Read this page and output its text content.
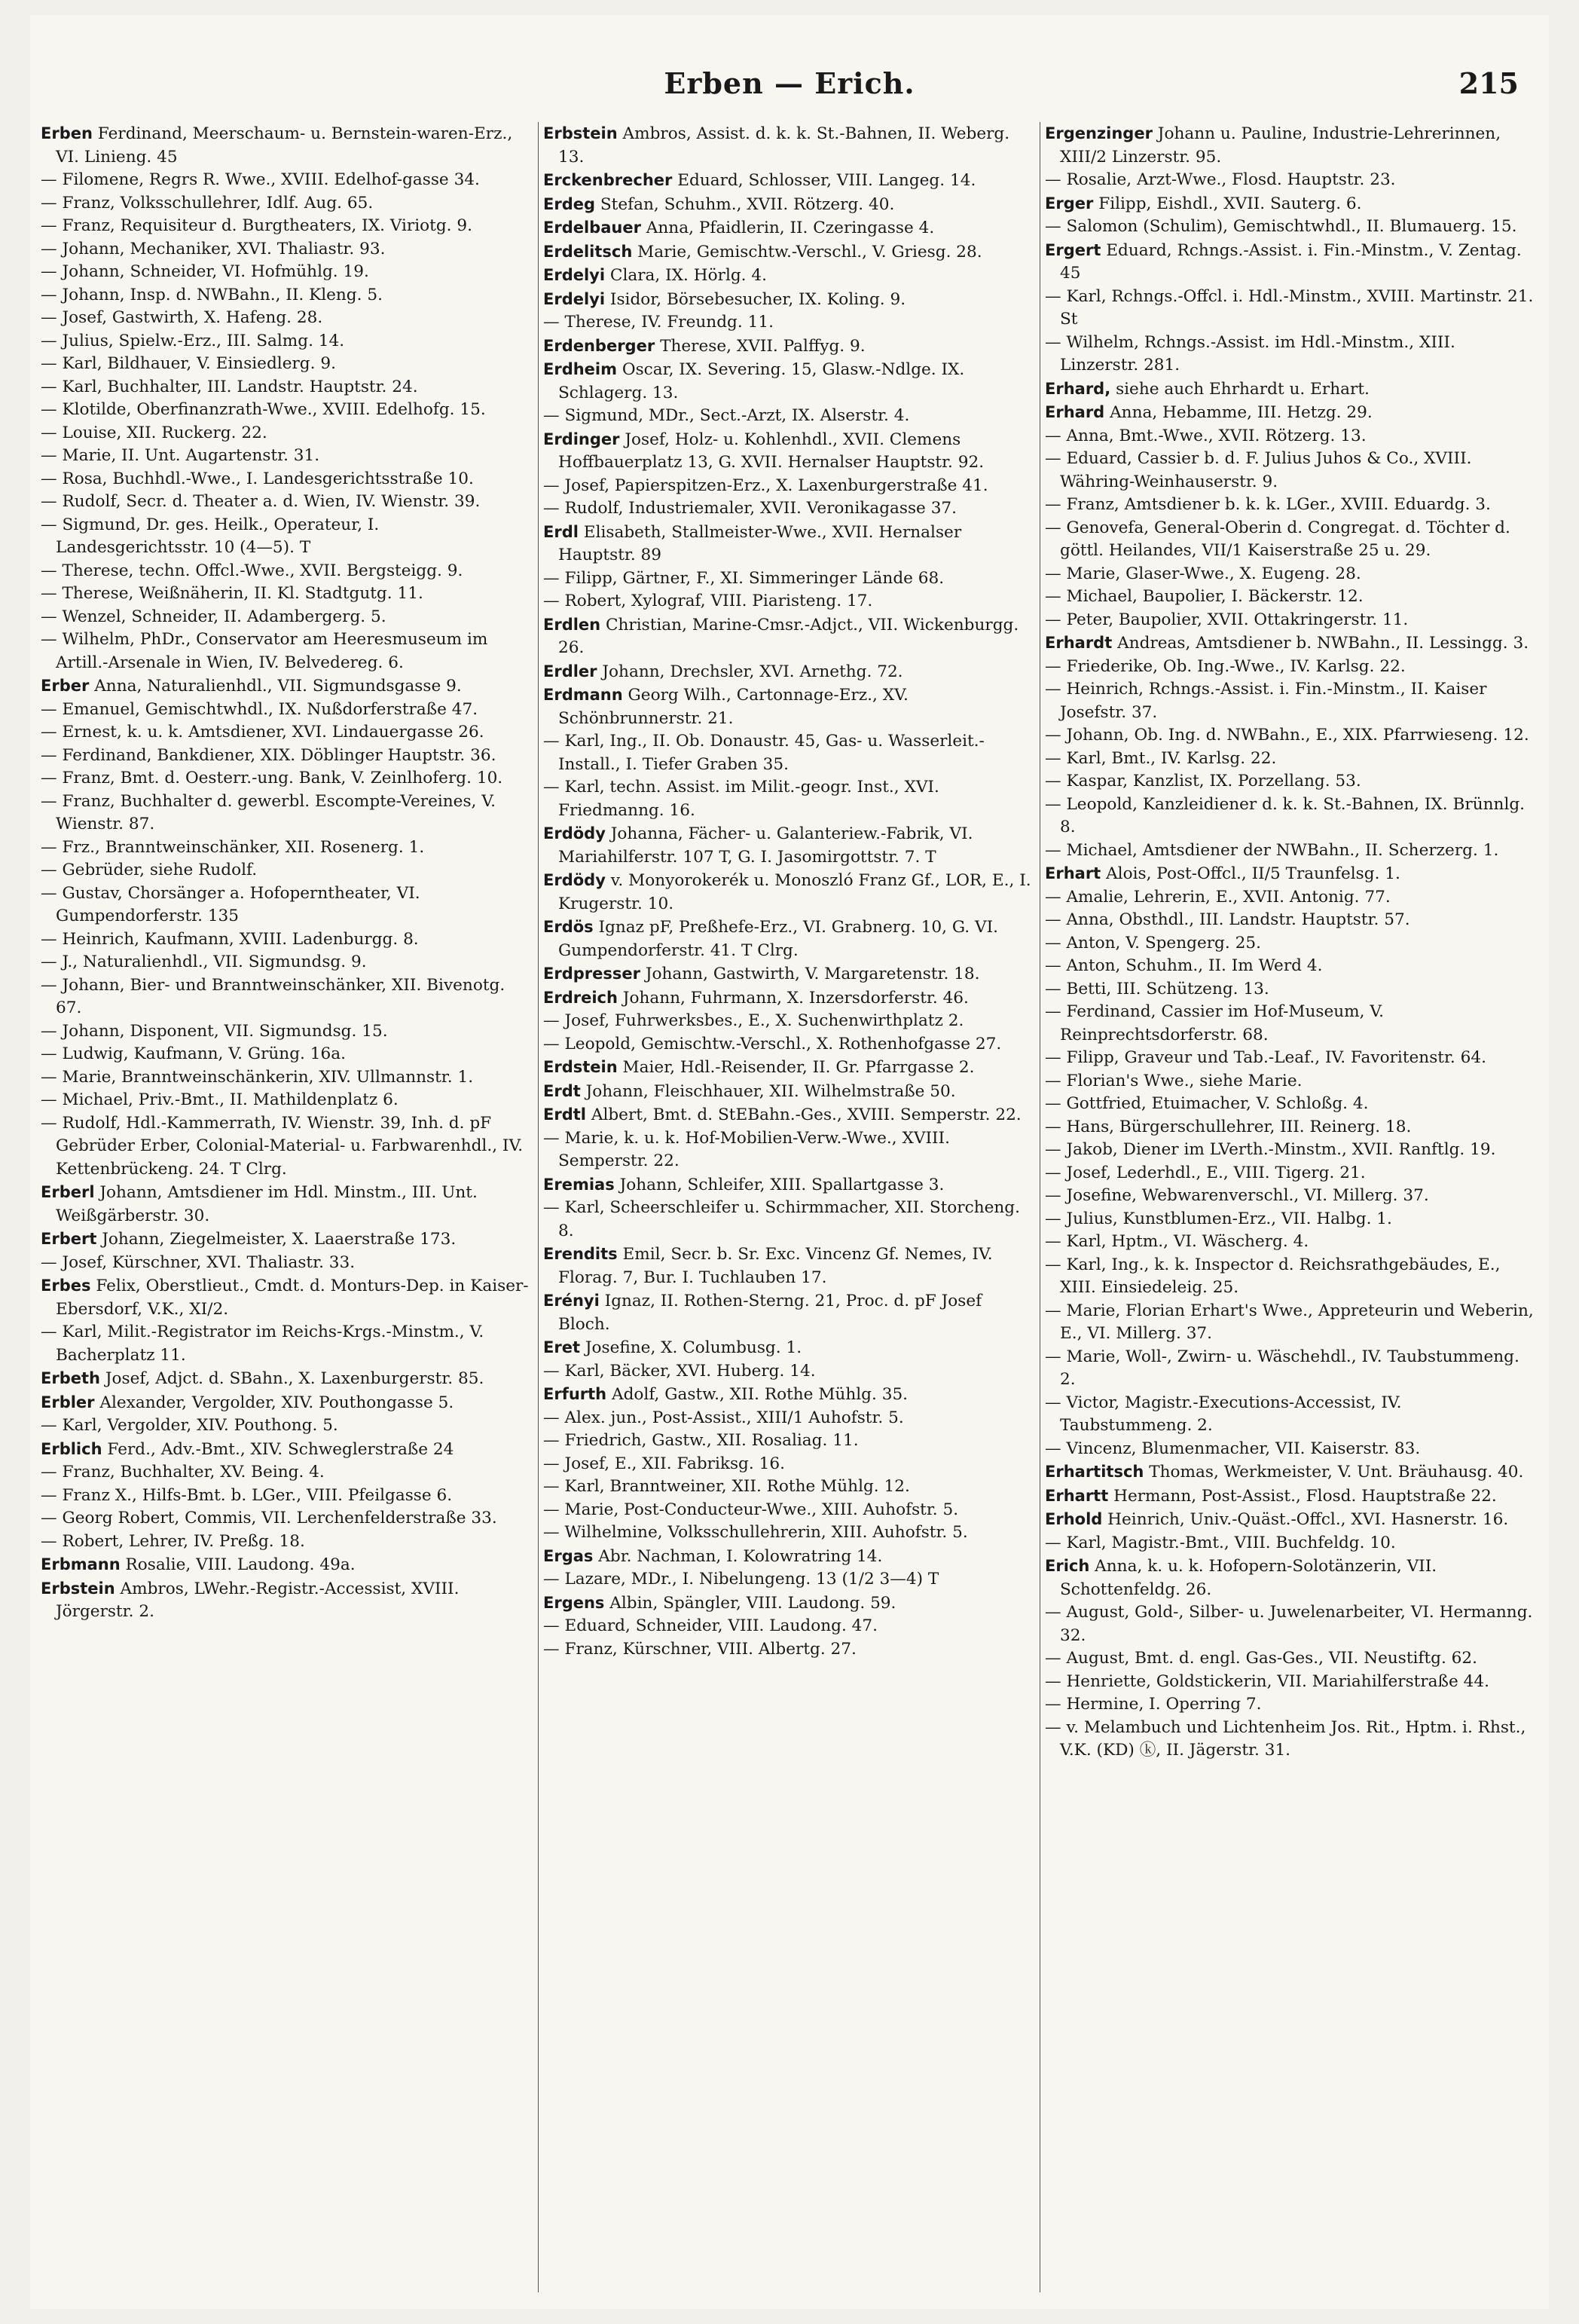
Erben — Erich.	215
Erben Ferdinand, Meerschaum- u. Bernstein-waren-Erz., VI. Linieng. 45
— Filomene, Regrs R. Wwe., XVIII. Edelhof-gasse 34.
— Franz, Volksschullehrer, Idlf. Aug. 65.
— Franz, Requisiteur d. Burgtheaters, IX. Viriotg. 9.
— Johann, Mechaniker, XVI. Thaliastr. 93.
— Johann, Schneider, VI. Hofmühlg. 19.
— Johann, Insp. d. NWBahn., II. Kleng. 5.
— Josef, Gastwirth, X. Hafeng. 28.
— Julius, Spielw.-Erz., III. Salmg. 14.
— Karl, Bildhauer, V. Einsiedlerg. 9.
— Karl, Buchhalter, III. Landstr. Hauptstr. 24.
— Klotilde, Oberfinanzrath-Wwe., XVIII. Edelhofg. 15.
— Louise, XII. Ruckerg. 22.
— Marie, II. Unt. Augartenstr. 31.
— Rosa, Buchhdl.-Wwe., I. Landesgerichtsstraße 10.
— Rudolf, Secr. d. Theater a. d. Wien, IV. Wienstr. 39.
— Sigmund, Dr. ges. Heilk., Operateur, I. Landesgerichtsstr. 10 (4—5). T
— Therese, techn. Offcl.-Wwe., XVII. Bergsteigg. 9.
— Therese, Weißnäherin, II. Kl. Stadtgutg. 11.
— Wenzel, Schneider, II. Adambergerg. 5.
— Wilhelm, PhDr., Conservator am Heeresmuseum im Artill.-Arsenale in Wien, IV. Belvedereg. 6.
Erber Anna, Naturalienhdl., VII. Sigmundsgasse 9.
— Emanuel, Gemischtwhdl., IX. Nußdorferstraße 47.
— Ernest, k. u. k. Amtsdiener, XVI. Lindauergasse 26.
— Ferdinand, Bankdiener, XIX. Döblinger Hauptstr. 36.
— Franz, Bmt. d. Oesterr.-ung. Bank, V. Zeinlhoferg. 10.
— Franz, Buchhalter d. gewerbl. Escompte-Vereines, V. Wienstr. 87.
— Frz., Branntweinschänker, XII. Rosenerg. 1.
— Gebrüder, siehe Rudolf.
— Gustav, Chorsänger a. Hofoperntheater, VI. Gumpendorferstr. 135
— Heinrich, Kaufmann, XVIII. Ladenburgg. 8.
— J., Naturalienhdl., VII. Sigmundsg. 9.
— Johann, Bier- und Branntweinschänker, XII. Bivenotg. 67.
— Johann, Disponent, VII. Sigmundsg. 15.
— Ludwig, Kaufmann, V. Grüng. 16a.
— Marie, Branntweinschänkerin, XIV. Ullmannstr. 1.
— Michael, Priv.-Bmt., II. Mathildenplatz 6.
— Rudolf, Hdl.-Kammerrath, IV. Wienstr. 39, Inh. d. pF Gebrüder Erber, Colonial-Material- u. Farbwarenhdl., IV. Kettenbrückeng. 24. T Clrg.
Erberl Johann, Amtsdiener im Hdl. Minstm., III. Unt. Weißgärberstr. 30.
Erbert Johann, Ziegelmeister, X. Laaerstraße 173.
— Josef, Kürschner, XVI. Thaliastr. 33.
Erbes Felix, Oberstlieut., Cmdt. d. Monturs-Dep. in Kaiser-Ebersdorf, V.K., XI/2.
— Karl, Milit.-Registrator im Reichs-Krgs.-Minstm., V. Bacherplatz 11.
Erbeth Josef, Adjct. d. SBahn., X. Laxenburgerstr. 85.
Erbler Alexander, Vergolder, XIV. Pouthongasse 5.
— Karl, Vergolder, XIV. Pouthong. 5.
Erblich Ferd., Adv.-Bmt., XIV. Schweglerstraße 24
— Franz, Buchhalter, XV. Being. 4.
— Franz X., Hilfs-Bmt. b. LGer., VIII. Pfeilgasse 6.
— Georg Robert, Commis, VII. Lerchenfelderstraße 33.
— Robert, Lehrer, IV. Preßg. 18.
Erbmann Rosalie, VIII. Laudong. 49a.
Erbstein Ambros, LWehr.-Registr.-Accessist, XVIII. Jörgerstr. 2.
Erbstein Ambros, Assist. d. k. k. St.-Bahnen, II. Weberg. 13.
Erckenbrecher Eduard, Schlosser, VIII. Langeg. 14.
Erdeg Stefan, Schuhm., XVII. Rötzerg. 40.
Erdelbauer Anna, Pfaidlerin, II. Czeringasse 4.
Erdelitsch Marie, Gemischtw.-Verschl., V. Griesg. 28.
Erdelyi Clara, IX. Hörlg. 4.
Erdelyi Isidor, Börsebesucher, IX. Koling. 9.
— Therese, IV. Freundg. 11.
Erdenberger Therese, XVII. Palffyg. 9.
Erdheim Oscar, IX. Severing. 15, Glasw.-Ndlge. IX. Schlagerg. 13.
— Sigmund, MDr., Sect.-Arzt, IX. Alserstr. 4.
Erdinger Josef, Holz- u. Kohlenhdl., XVII. Clemens Hoffbauerplatz 13, G. XVII. Hernalser Hauptstr. 92.
— Josef, Papierspitzen-Erz., X. Laxenburgerstraße 41.
— Rudolf, Industriemaler, XVII. Veronikagasse 37.
Erdl Elisabeth, Stallmeister-Wwe., XVII. Hernalser Hauptstr. 89
— Filipp, Gärtner, F., XI. Simmeringer Lände 68.
— Robert, Xylograf, VIII. Piaristeng. 17.
Erdlen Christian, Marine-Cmsr.-Adjct., VII. Wickenburgg. 26.
Erdler Johann, Drechsler, XVI. Arnethg. 72.
Erdmann Georg Wilh., Cartonnage-Erz., XV. Schönbrunnerstr. 21.
— Karl, Ing., II. Ob. Donaustr. 45, Gas- u. Wasserleit.-Install., I. Tiefer Graben 35.
— Karl, techn. Assist. im Milit.-geogr. Inst., XVI. Friedmanng. 16.
Erdödy Johanna, Fächer- u. Galanteriew.-Fabrik, VI. Mariahilferstr. 107 T, G. I. Jasomirgottstr. 7. T
Erdödy v. Monyorokerék u. Monoszló Franz Gf., LOR, E., I. Krugerstr. 10.
Erdös Ignaz pF, Preßhefe-Erz., VI. Grabnerg. 10, G. VI. Gumpendorferstr. 41. T Clrg.
Erdpresser Johann, Gastwirth, V. Margaretenstr. 18.
Erdreich Johann, Fuhrmann, X. Inzersdorferstr. 46.
— Josef, Fuhrwerksbes., E., X. Suchenwirthplatz 2.
— Leopold, Gemischtw.-Verschl., X. Rothenhofgasse 27.
Erdstein Maier, Hdl.-Reisender, II. Gr. Pfarrgasse 2.
Erdt Johann, Fleischhauer, XII. Wilhelmstraße 50.
Erdtl Albert, Bmt. d. StEBahn.-Ges., XVIII. Semperstr. 22.
— Marie, k. u. k. Hof-Mobilien-Verw.-Wwe., XVIII. Semperstr. 22.
Eremias Johann, Schleifer, XIII. Spallartgasse 3.
— Karl, Scheerschleifer u. Schirmmacher, XII. Storcheng. 8.
Erendits Emil, Secr. b. Sr. Exc. Vincenz Gf. Nemes, IV. Florag. 7, Bur. I. Tuchlauben 17.
Erényi Ignaz, II. Rothen-Sterng. 21, Proc. d. pF Josef Bloch.
Eret Josefine, X. Columbusg. 1.
— Karl, Bäcker, XVI. Huberg. 14.
Erfurth Adolf, Gastw., XII. Rothe Mühlg. 35.
— Alex. jun., Post-Assist., XIII/1 Auhofstr. 5.
— Friedrich, Gastw., XII. Rosaliag. 11.
— Josef, E., XII. Fabriksg. 16.
— Karl, Branntweiner, XII. Rothe Mühlg. 12.
— Marie, Post-Conducteur-Wwe., XIII. Auhofstr. 5.
— Wilhelmine, Volksschullehrerin, XIII. Auhofstr. 5.
Ergas Abr. Nachman, I. Kolowratring 14.
— Lazare, MDr., I. Nibelungeng. 13 (1/2 3—4) T
Ergens Albin, Spängler, VIII. Laudong. 59.
— Eduard, Schneider, VIII. Laudong. 47.
— Franz, Kürschner, VIII. Albertg. 27.
Ergenzinger Johann u. Pauline, Industrie-Lehrerinnen, XIII/2 Linzerstr. 95.
— Rosalie, Arzt-Wwe., Flosd. Hauptstr. 23.
Erger Filipp, Eishdl., XVII. Sauterg. 6.
— Salomon (Schulim), Gemischtwhdl., II. Blumauerg. 15.
Ergert Eduard, Rchngs.-Assist. i. Fin.-Minstm., V. Zentag. 45
— Karl, Rchngs.-Offcl. i. Hdl.-Minstm., XVIII. Martinstr. 21. St
— Wilhelm, Rchngs.-Assist. im Hdl.-Minstm., XIII. Linzerstr. 281.
Erhard, siehe auch Ehrhardt u. Erhart.
Erhard Anna, Hebamme, III. Hetzg. 29.
— Anna, Bmt.-Wwe., XVII. Rötzerg. 13.
— Eduard, Cassier b. d. F. Julius Juhos & Co., XVIII. Währing-Weinhauserstr. 9.
— Franz, Amtsdiener b. k. k. LGer., XVIII. Eduardg. 3.
— Genovefa, General-Oberin d. Congregat. d. Töchter d. göttl. Heilandes, VII/1 Kaiserstraße 25 u. 29.
— Marie, Glaser-Wwe., X. Eugeng. 28.
— Michael, Baupolier, I. Bäckerstr. 12.
— Peter, Baupolier, XVII. Ottakringerstr. 11.
Erhardt Andreas, Amtsdiener b. NWBahn., II. Lessingg. 3.
— Friederike, Ob. Ing.-Wwe., IV. Karlsg. 22.
— Heinrich, Rchngs.-Assist. i. Fin.-Minstm., II. Kaiser Josefstr. 37.
— Johann, Ob. Ing. d. NWBahn., E., XIX. Pfarrwieseng. 12.
— Karl, Bmt., IV. Karlsg. 22.
— Kaspar, Kanzlist, IX. Porzellang. 53.
— Leopold, Kanzleidiener d. k. k. St.-Bahnen, IX. Brünnlg. 8.
— Michael, Amtsdiener der NWBahn., II. Scherzerg. 1.
Erhart Alois, Post-Offcl., II/5 Traunfelsg. 1.
— Amalie, Lehrerin, E., XVII. Antonig. 77.
— Anna, Obsthdl., III. Landstr. Hauptstr. 57.
— Anton, V. Spengerg. 25.
— Anton, Schuhm., II. Im Werd 4.
— Betti, III. Schützeng. 13.
— Ferdinand, Cassier im Hof-Museum, V. Reinprechtsdorferstr. 68.
— Filipp, Graveur und Tab.-Leaf., IV. Favoritenstr. 64.
— Florian's Wwe., siehe Marie.
— Gottfried, Etuimacher, V. Schloßg. 4.
— Hans, Bürgerschullehrer, III. Reinerg. 18.
— Jakob, Diener im LVerth.-Minstm., XVII. Ranftlg. 19.
— Josef, Lederhdl., E., VIII. Tigerg. 21.
— Josefine, Webwarenverschl., VI. Millerg. 37.
— Julius, Kunstblumen-Erz., VII. Halbg. 1.
— Karl, Hptm., VI. Wäscherg. 4.
— Karl, Ing., k. k. Inspector d. Reichsrathgebäudes, E., XIII. Einsiedeleig. 25.
— Marie, Florian Erhart's Wwe., Appreteurin und Weberin, E., VI. Millerg. 37.
— Marie, Woll-, Zwirn- u. Wäschehdl., IV. Taubstummeng. 2.
— Victor, Magistr.-Executions-Accessist, IV. Taubstummeng. 2.
— Vincenz, Blumenmacher, VII. Kaiserstr. 83.
Erhartitsch Thomas, Werkmeister, V. Unt. Bräuhausg. 40.
Erhartt Hermann, Post-Assist., Flosd. Hauptstraße 22.
Erhold Heinrich, Univ.-Quäst.-Offcl., XVI. Hasnerstr. 16.
— Karl, Magistr.-Bmt., VIII. Buchfeldg. 10.
Erich Anna, k. u. k. Hofopern-Solotänzerin, VII. Schottenfeldg. 26.
— August, Gold-, Silber- u. Juwelenarbeiter, VI. Hermanng. 32.
— August, Bmt. d. engl. Gas-Ges., VII. Neustiftg. 62.
— Henriette, Goldstickerin, VII. Mariahilferstraße 44.
— Hermine, I. Operring 7.
— v. Melambuch und Lichtenheim Jos. Rit., Hptm. i. Rhst., V.K. (KD) ⓚ, II. Jägerstr. 31.
